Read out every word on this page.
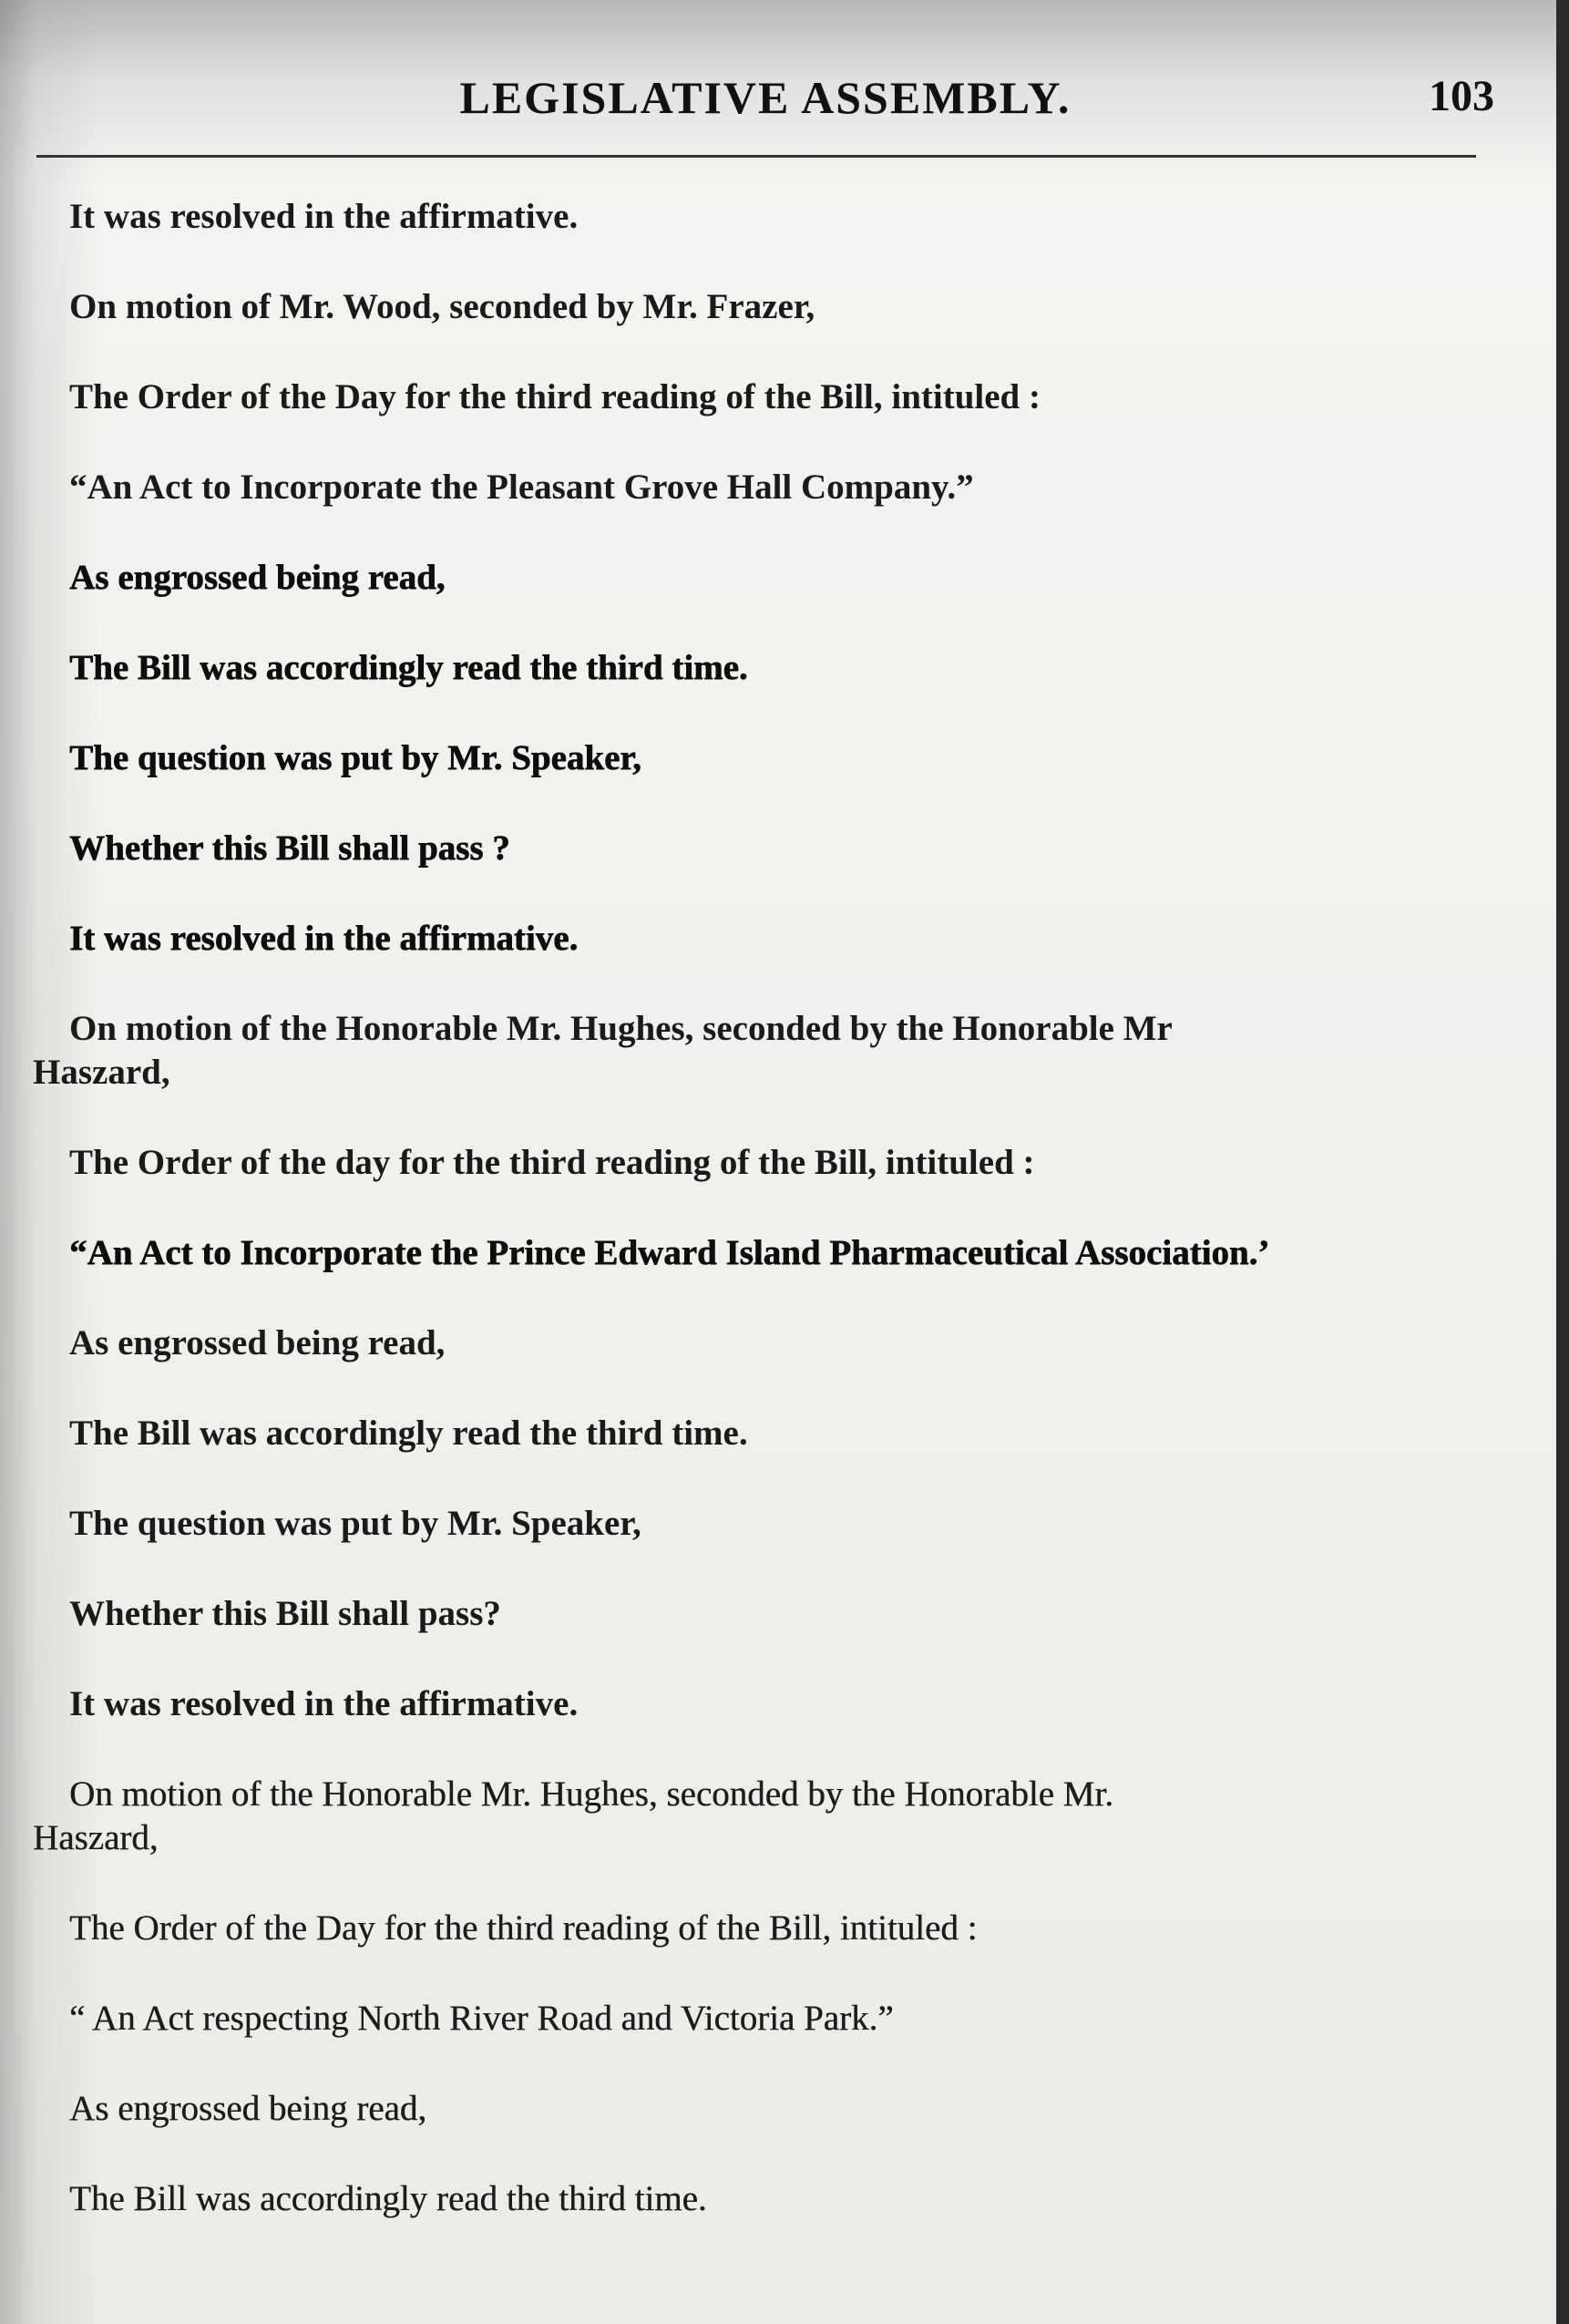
LEGISLATIVE ASSEMBLY.	103

It was resolved in the affirmative.

On motion of Mr. Wood, seconded by Mr. Frazer,

The Order of the Day for the third reading of the Bill, intituled :

“An Act to Incorporate the Pleasant Grove Hall Company.”

As engrossed being read,

The Bill was accordingly read the third time.

The question was put by Mr. Speaker,

Whether this Bill shall pass ?

It was resolved in the affirmative.

On motion of the Honorable Mr. Hughes, seconded by the Honorable Mr
Haszard,

The Order of the day for the third reading of the Bill, intituled :

“An Act to Incorporate the Prince Edward Island Pharmaceutical Association.’

As engrossed being read,

The Bill was accordingly read the third time.

The question was put by Mr. Speaker,

Whether this Bill shall pass?

It was resolved in the affirmative.

On motion of the Honorable Mr. Hughes, seconded by the Honorable Mr.
Haszard,

The Order of the Day for the third reading of the Bill, intituled :

“ An Act respecting North River Road and Victoria Park.”

As engrossed being read,

The Bill was accordingly read the third time.
